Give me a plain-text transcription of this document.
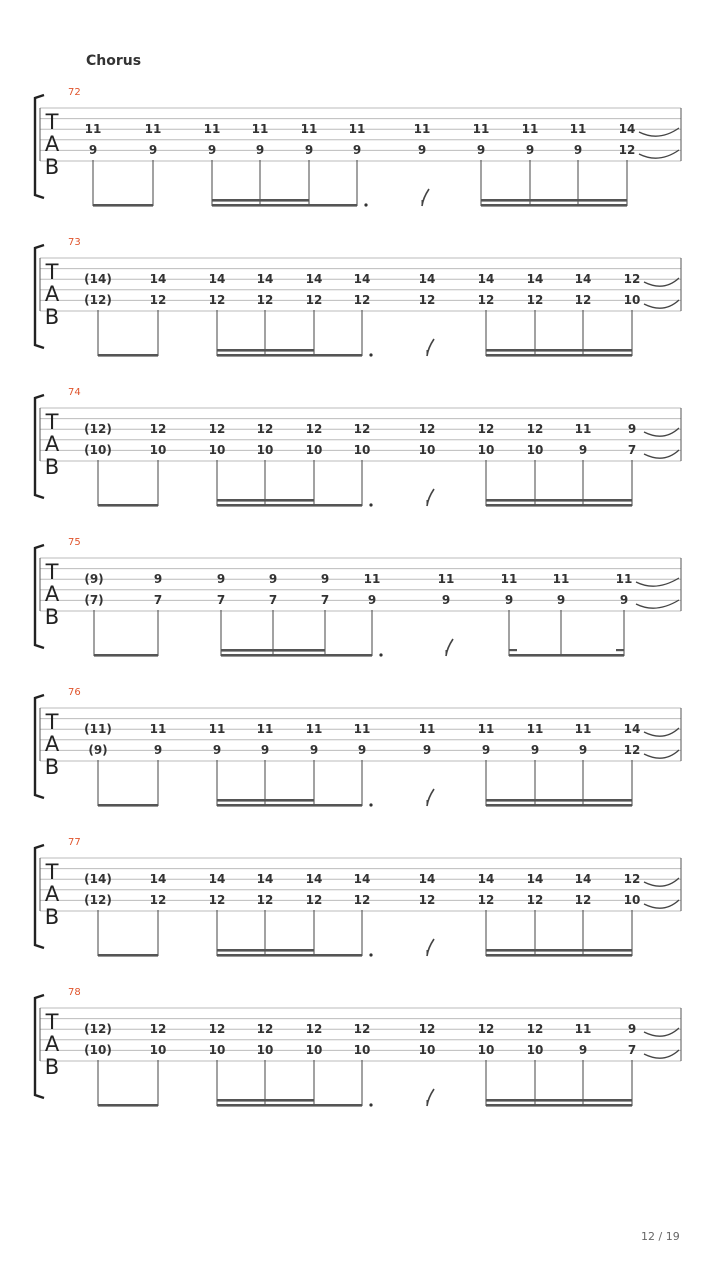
Chorus
T
A
B
72
11
9
11
9
11
9
11
9
11
9
11
9
11
9
11
9
11
9
11
9
14
12
T
A
B
73
(14)
(12)
14
12
14
12
14
12
14
12
14
12
14
12
14
12
14
12
14
12
12
10
T
A
B
74
(12)
(10)
12
10
12
10
12
10
12
10
12
10
12
10
12
10
12
10
11
9
9
7
T
A
B
75
(9)
(7)
9
7
9
7
9
7
9
7
11
9
11
9
11
9
11
9
11
9
T
A
B
76
(11)
(9)
11
9
11
9
11
9
11
9
11
9
11
9
11
9
11
9
11
9
14
12
T
A
B
77
(14)
(12)
14
12
14
12
14
12
14
12
14
12
14
12
14
12
14
12
14
12
12
10
T
A
B
78
(12)
(10)
12
10
12
10
12
10
12
10
12
10
12
10
12
10
12
10
11
9
9
7
12 / 19
